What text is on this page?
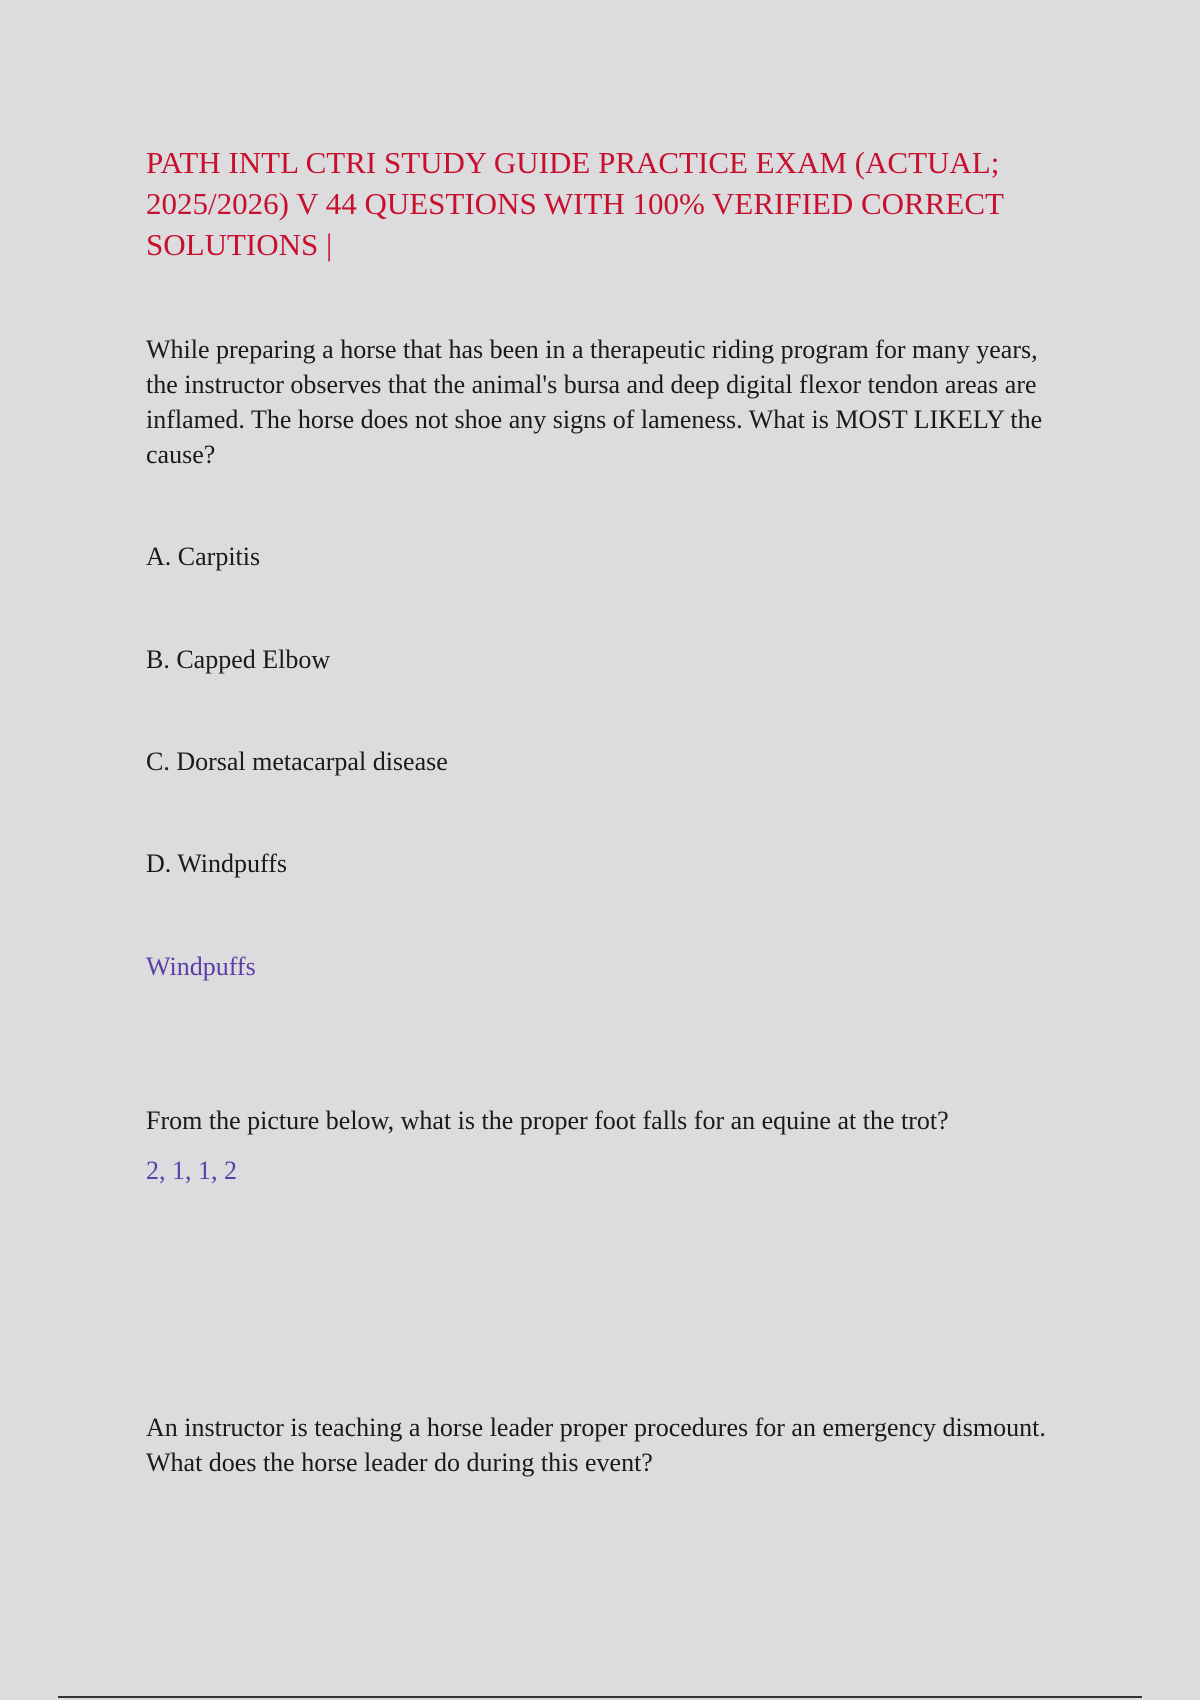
PATH INTL CTRI STUDY GUIDE PRACTICE EXAM (ACTUAL; 2025/2026) V 44 QUESTIONS WITH 100% VERIFIED CORRECT SOLUTIONS |

While preparing a horse that has been in a therapeutic riding program for many years, the instructor observes that the animal's bursa and deep digital flexor tendon areas are inflamed. The horse does not shoe any signs of lameness. What is MOST LIKELY the cause?

A. Carpitis

B. Capped Elbow

C. Dorsal metacarpal disease

D. Windpuffs

Windpuffs

From the picture below, what is the proper foot falls for an equine at the trot?

2, 1, 1, 2

An instructor is teaching a horse leader proper procedures for an emergency dismount. What does the horse leader do during this event?
